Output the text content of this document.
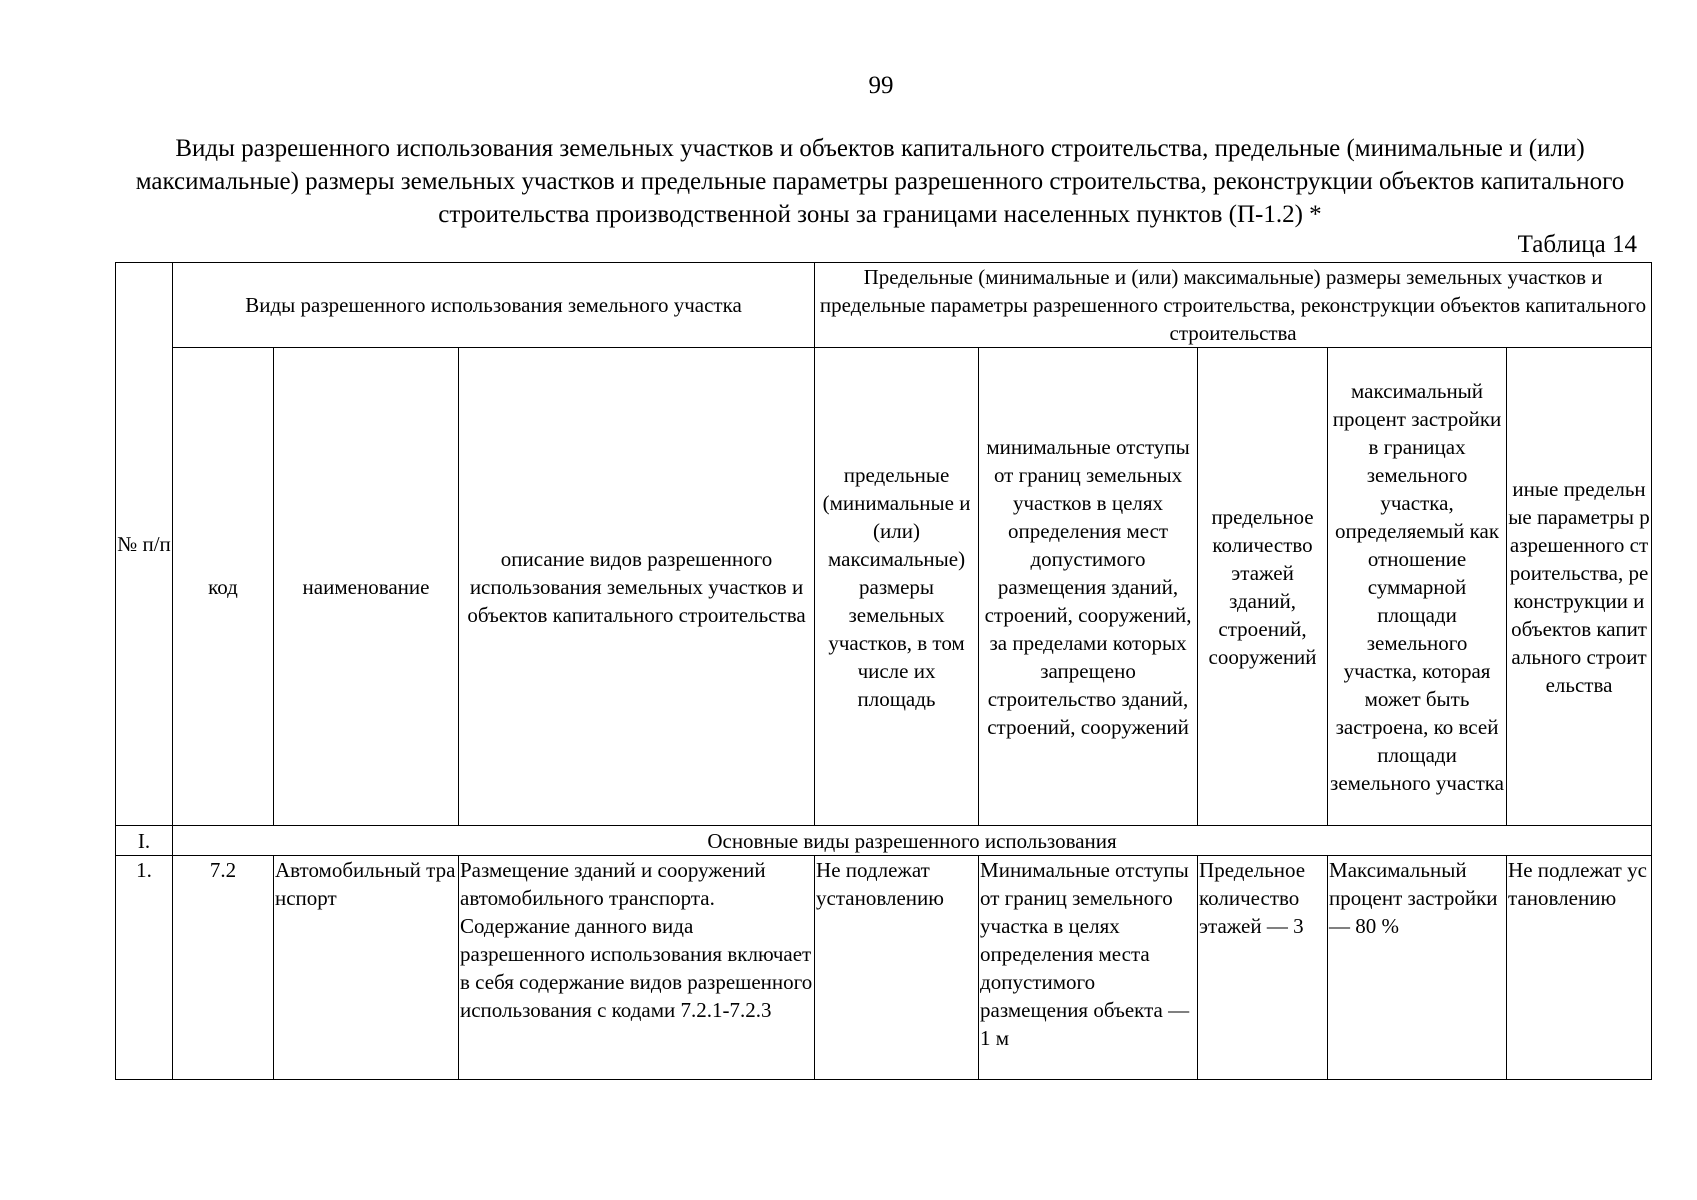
99
Виды разрешенного использования земельных участков и объектов капитального строительства, предельные (минимальные и (или) максимальные) размеры земельных участков и предельные параметры разрешенного строительства, реконструкции объектов капитального строительства производственной зоны за границами населенных пунктов (П-1.2) *
Таблица 14
№ п/п	Виды разрешенного использования земельного участка			Предельные (минимальные и (или) максимальные) размеры земельных участков и предельные параметры разрешенного строительства, реконструкции объектов капитального строительства				
	код	наименование	описание видов разрешенного использования земельных участков и объектов капитального строительства	предельные (минимальные и (или) максимальные) размеры земельных участков, в том числе их площадь	минимальные отступы от границ земельных участков в целях определения мест допустимого размещения зданий, строений, сооружений, за пределами которых запрещено строительство зданий, строений, сооружений	предельное количество этажей зданий, строений, сооружений	максимальный процент застройки в границах земельного участка, определяемый как отношение суммарной площади земельного участка, которая может быть застроена, ко всей площади земельного участка	иные предельные параметры разрешенного строительства, реконструкции и объектов капитального строительства
I.	Основные виды разрешенного использования							
1.	7.2	Автомобильный транспорт	Размещение зданий и сооружений автомобильного транспорта. Содержание данного вида разрешенного использования включает в себя содержание видов разрешенного использования с кодами 7.2.1-7.2.3	Не подлежат установлению	Минимальные отступы от границ земельного участка в целях определения места допустимого размещения объекта — 1 м	Предельное количество этажей — 3	Максимальный процент застройки — 80 %	Не подлежат установлению
